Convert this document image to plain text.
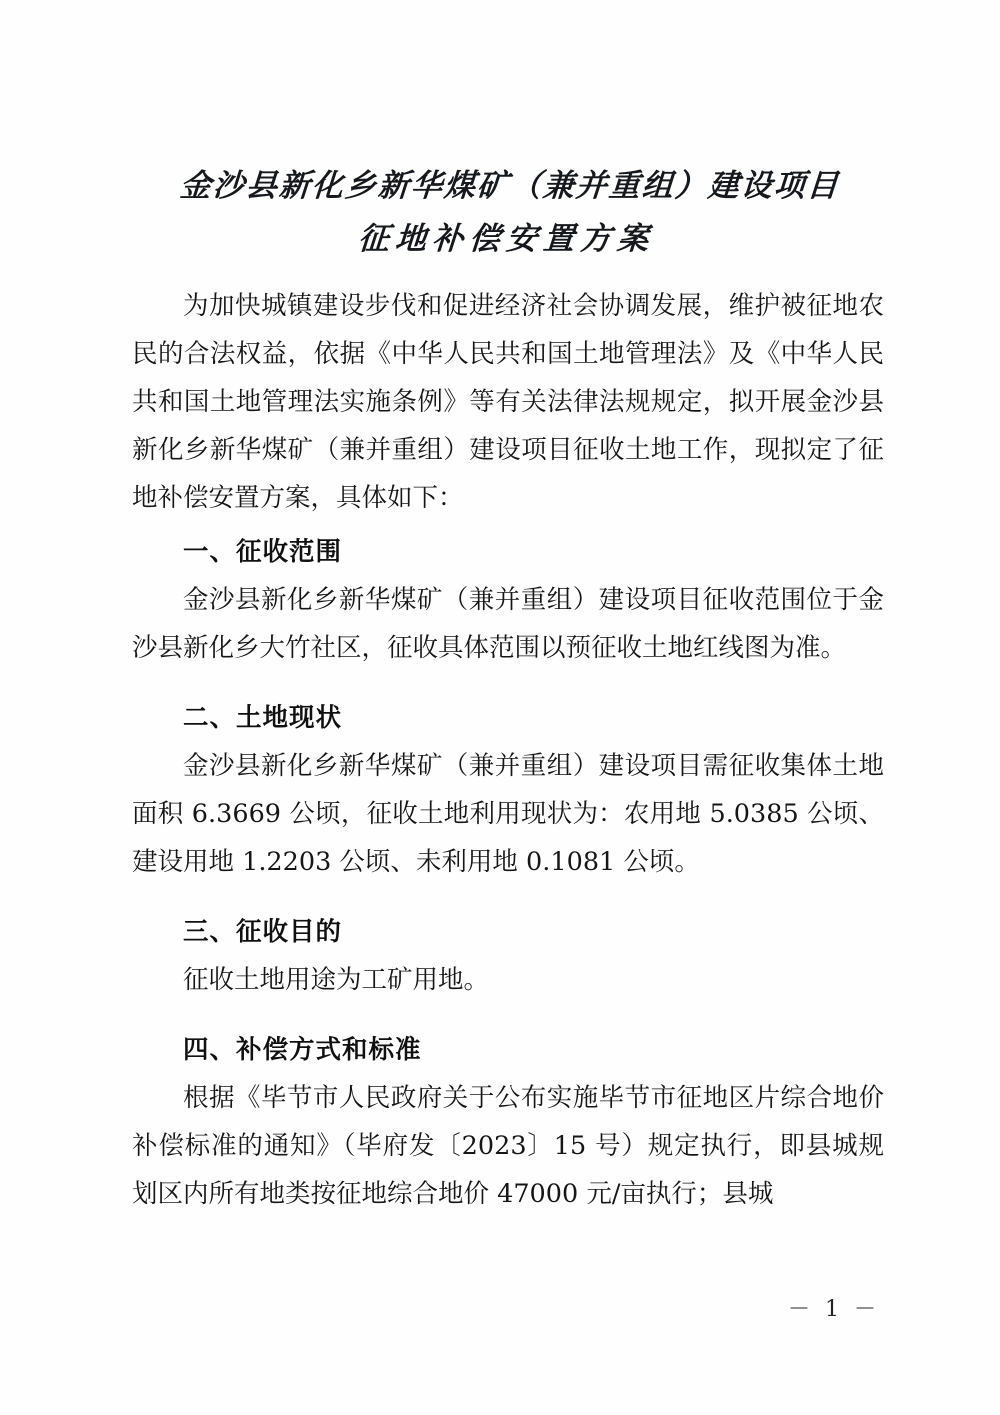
金沙县新化乡新华煤矿（兼并重组）建设项目
征地补偿安置方案

为加快城镇建设步伐和促进经济社会协调发展，维护被征地农民的合法权益，依据《中华人民共和国土地管理法》及《中华人民共和国土地管理法实施条例》等有关法律法规规定，拟开展金沙县新化乡新华煤矿（兼并重组）建设项目征收土地工作，现拟定了征地补偿安置方案，具体如下：

一、征收范围

金沙县新化乡新华煤矿（兼并重组）建设项目征收范围位于金沙县新化乡大竹社区，征收具体范围以预征收土地红线图为准。

二、土地现状

金沙县新化乡新华煤矿（兼并重组）建设项目需征收集体土地面积 6.3669 公顷，征收土地利用现状为：农用地 5.0385 公顷、建设用地 1.2203 公顷、未利用地 0.1081 公顷。

三、征收目的

征收土地用途为工矿用地。

四、补偿方式和标准

根据《毕节市人民政府关于公布实施毕节市征地区片综合地价补偿标准的通知》（毕府发〔2023〕15 号）规定执行，即县城规划区内所有地类按征地综合地价 47000 元/亩执行；县城

－ 1 －
